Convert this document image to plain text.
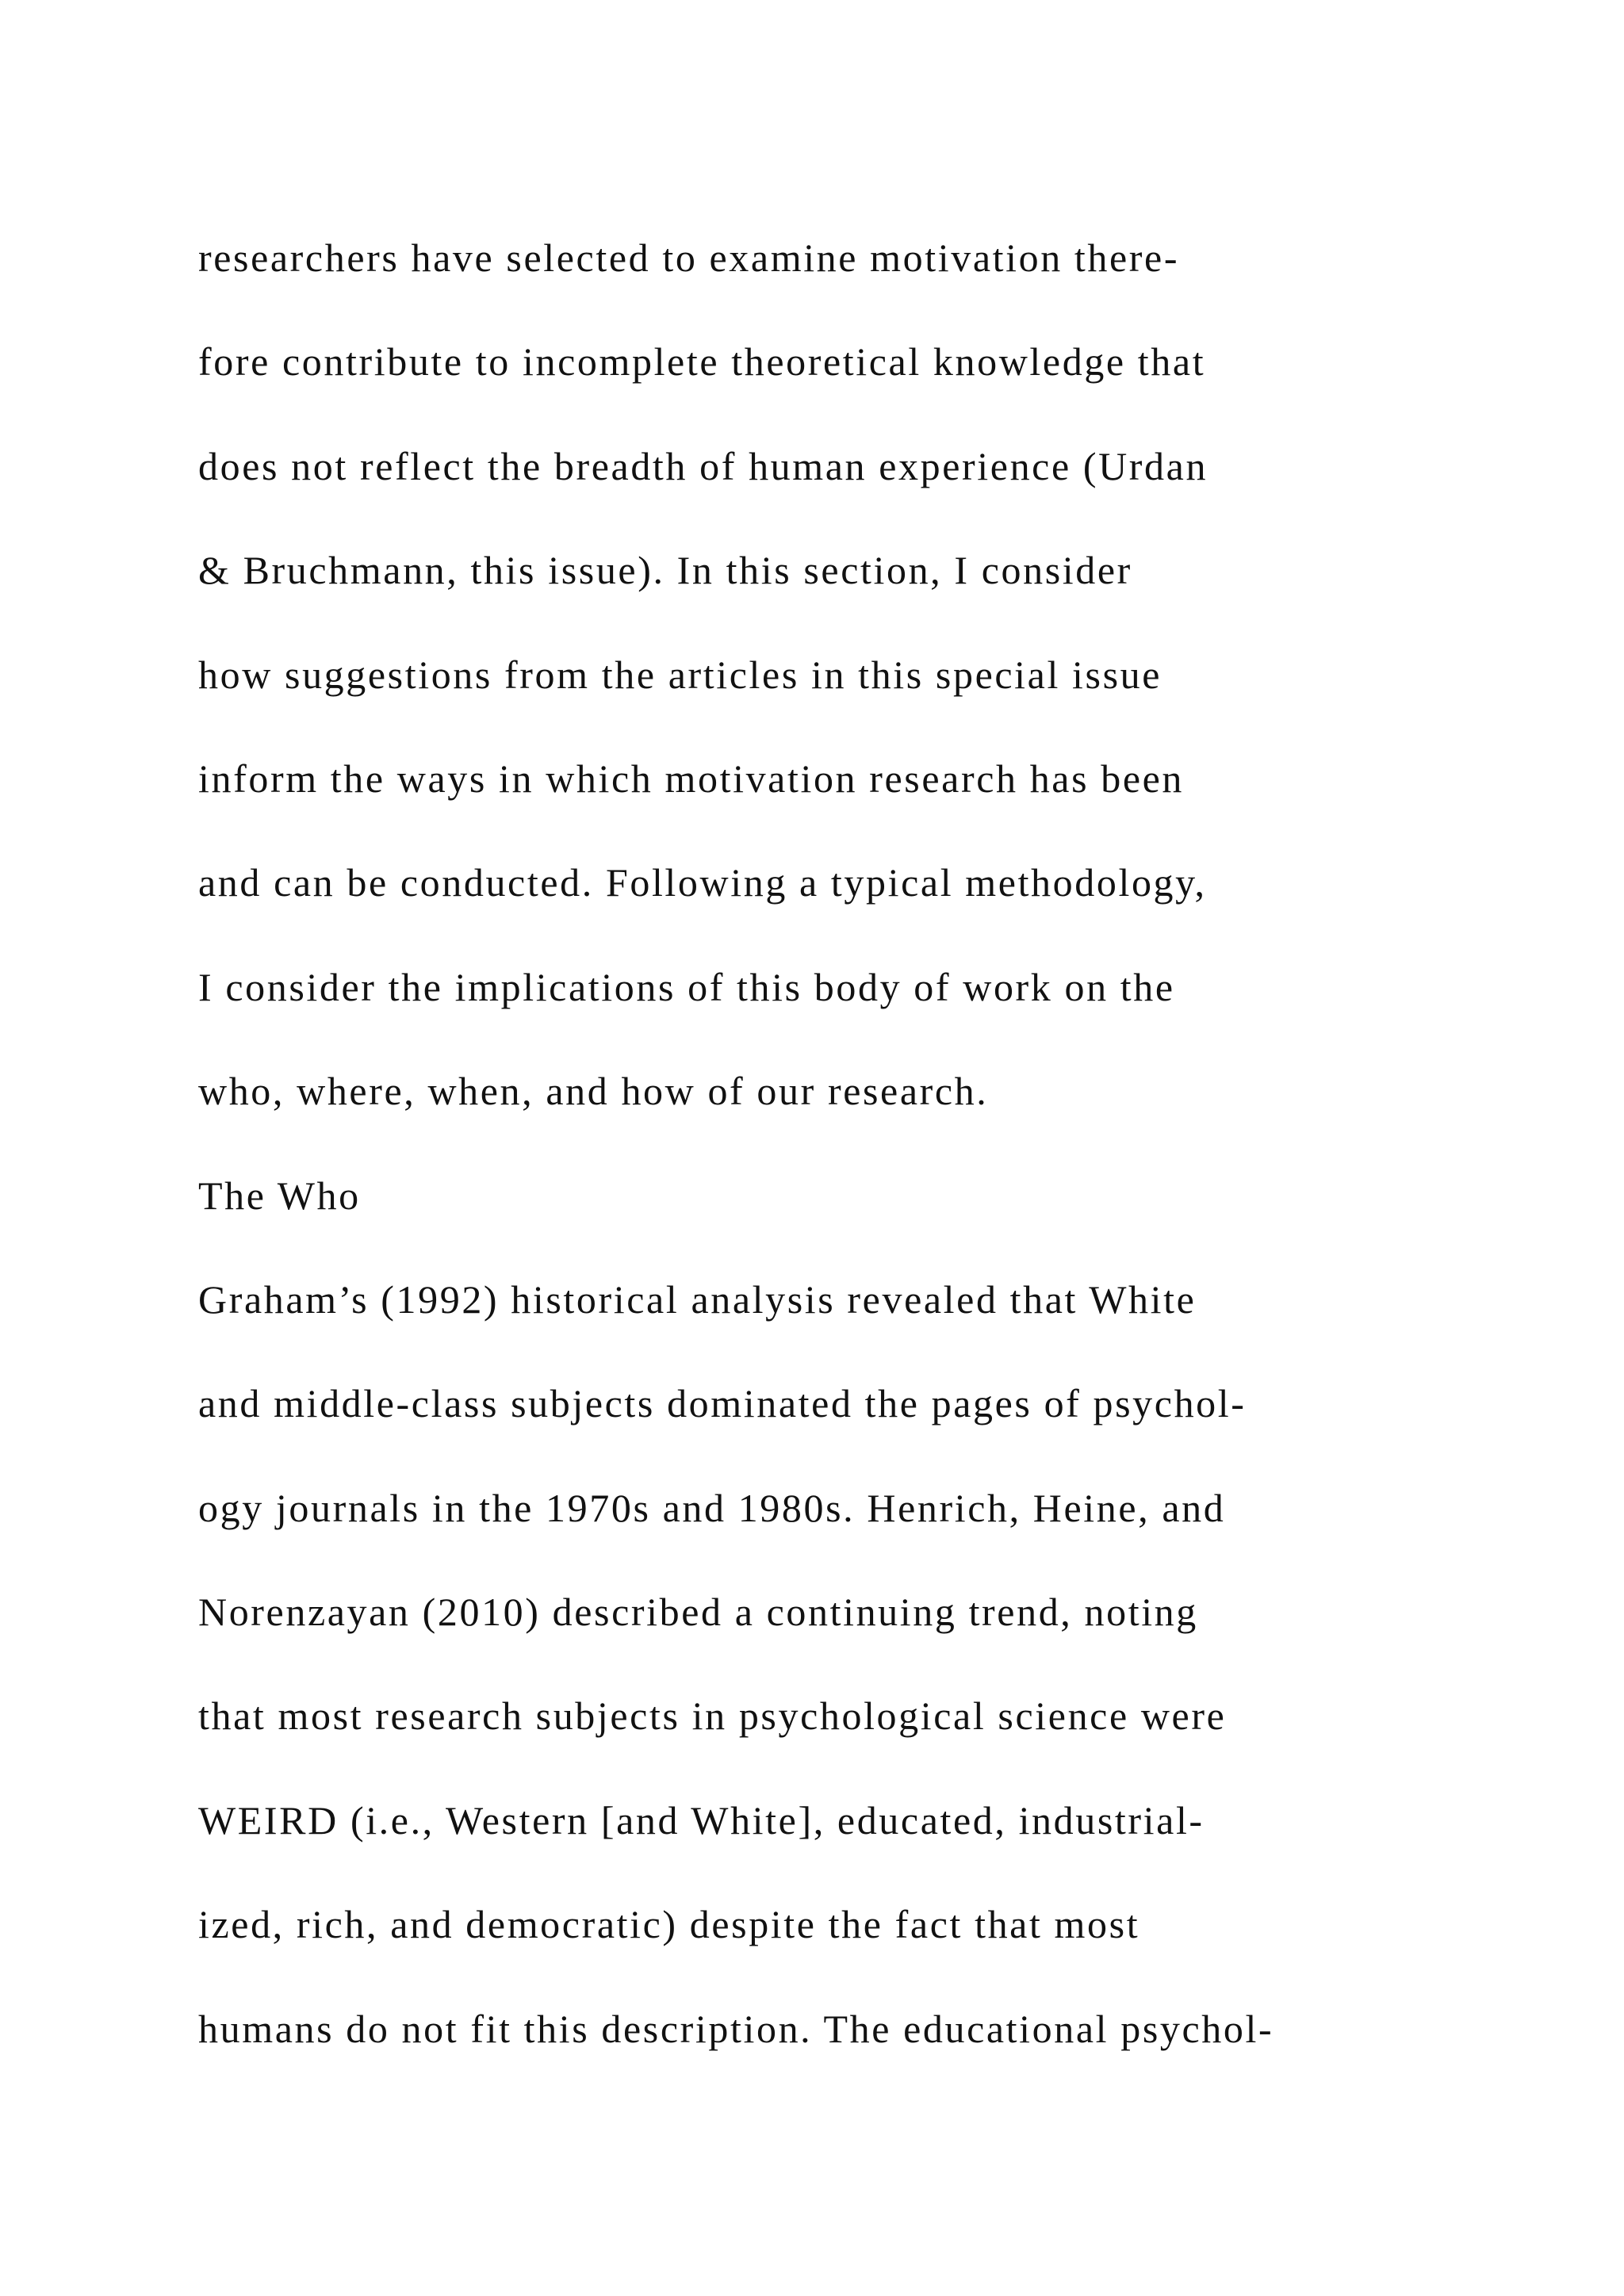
researchers have selected to examine motivation there-
fore contribute to incomplete theoretical knowledge that
does not reflect the breadth of human experience (Urdan
& Bruchmann, this issue). In this section, I consider
how suggestions from the articles in this special issue
inform the ways in which motivation research has been
and can be conducted. Following a typical methodology,
I consider the implications of this body of work on the
who, where, when, and how of our research.
The Who
Graham’s (1992) historical analysis revealed that White
and middle-class subjects dominated the pages of psychol-
ogy journals in the 1970s and 1980s. Henrich, Heine, and
Norenzayan (2010) described a continuing trend, noting
that most research subjects in psychological science were
WEIRD (i.e., Western [and White], educated, industrial-
ized, rich, and democratic) despite the fact that most
humans do not fit this description. The educational psychol-
